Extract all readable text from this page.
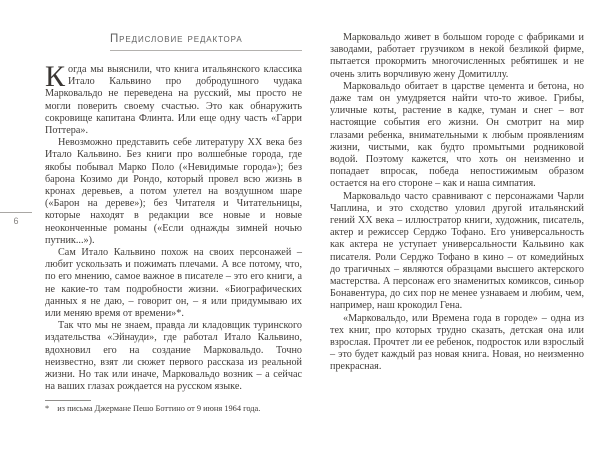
6
Предисловие редактора

Когда мы выяснили, что книга итальянского классика Итало Кальвино про добродушного чудака Марковальдо не переведена на русский, мы просто не могли поверить своему счастью. Это как обнаружить сокровище капитана Флинта. Или еще одну часть «Гарри Поттера».

Невозможно представить себе литературу XX века без Итало Кальвино. Без книги про волшебные города, где якобы побывал Марко Поло («Невидимые города»); без барона Козимо ди Рондо, который провел всю жизнь в кронах деревьев, а потом улетел на воздушном шаре («Барон на дереве»); без Читателя и Читательницы, которые находят в редакции все новые и новые неоконченные романы («Если однажды зимней ночью путник...»).

Сам Итало Кальвино похож на своих персонажей – любит ускользать и пожимать плечами. А все потому, что, по его мнению, самое важное в писателе – это его книги, а не какие-то там подробности жизни. «Биографических данных я не даю, – говорит он, – я или придумываю их или меняю время от времени»*.

Так что мы не знаем, правда ли кладовщик туринского издательства «Эйнауди», где работал Итало Кальвино, вдохновил его на создание Марковальдо. Точно неизвестно, взят ли сюжет первого рассказа из реальной жизни. Но так или иначе, Марковальдо возник – а сейчас на ваших глазах рождается на русском языке.

* из письма Джермане Пешо Боттино от 9 июня 1964 года.

Марковальдо живет в большом городе с фабриками и заводами, работает грузчиком в некой безликой фирме, пытается прокормить многочисленных ребятишек и не очень злить ворчливую жену Домитиллу.

Марковальдо обитает в царстве цемента и бетона, но даже там он умудряется найти что-то живое. Грибы, уличные коты, растение в кадке, туман и снег – вот настоящие события его жизни. Он смотрит на мир глазами ребенка, внимательными к любым проявлениям жизни, чистыми, как будто промытыми родниковой водой. Поэтому кажется, что хоть он неизменно и попадает впросак, победа непостижимым образом остается на его стороне – как и наша симпатия.

Марковальдо часто сравнивают с персонажами Чарли Чаплина, и это сходство уловил другой итальянский гений XX века – иллюстратор книги, художник, писатель, актер и режиссер Серджо Тофано. Его универсальность как актера не уступает универсальности Кальвино как писателя. Роли Серджо Тофано в кино – от комедийных до трагичных – являются образцами высшего актерского мастерства. А персонаж его знаменитых комиксов, синьор Бонавентура, до сих пор не менее узнаваем и любим, чем, например, наш крокодил Гена.

«Марковальдо, или Времена года в городе» – одна из тех книг, про которых трудно сказать, детская она или взрослая. Прочтет ли ее ребенок, подросток или взрослый – это будет каждый раз новая книга. Новая, но неизменно прекрасная.
